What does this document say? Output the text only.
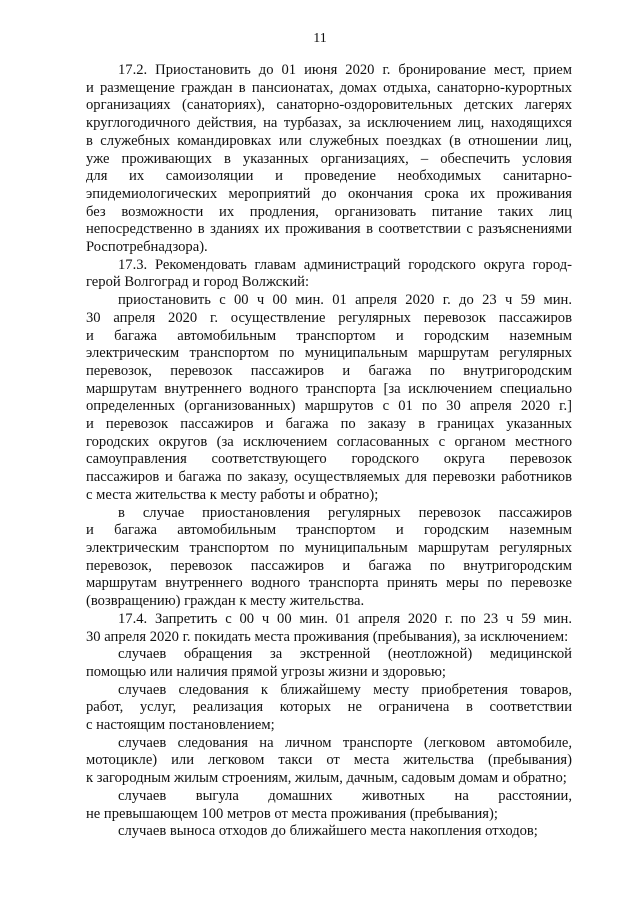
11
17.2. Приостановить до 01 июня 2020 г. бронирование мест, прием
и размещение граждан в пансионатах, домах отдыха, санаторно-курортных
организациях (санаториях), санаторно-оздоровительных детских лагерях
круглогодичного действия, на турбазах, за исключением лиц, находящихся
в служебных командировках или служебных поездках (в отношении лиц,
уже проживающих в указанных организациях, – обеспечить условия
для их самоизоляции и проведение необходимых санитарно-
эпидемиологических мероприятий до окончания срока их проживания
без возможности их продления, организовать питание таких лиц
непосредственно в зданиях их проживания в соответствии с разъяснениями
Роспотребнадзора).
17.3. Рекомендовать главам администраций городского округа город-
герой Волгоград и город Волжский:
приостановить с 00 ч 00 мин. 01 апреля 2020 г. до 23 ч 59 мин.
30 апреля 2020 г. осуществление регулярных перевозок пассажиров
и багажа автомобильным транспортом и городским наземным
электрическим транспортом по муниципальным маршрутам регулярных
перевозок, перевозок пассажиров и багажа по внутригородским
маршрутам внутреннего водного транспорта [за исключением специально
определенных (организованных) маршрутов с 01 по 30 апреля 2020 г.]
и перевозок пассажиров и багажа по заказу в границах указанных
городских округов (за исключением согласованных с органом местного
самоуправления соответствующего городского округа перевозок
пассажиров и багажа по заказу, осуществляемых для перевозки работников
с места жительства к месту работы и обратно);
в случае приостановления регулярных перевозок пассажиров
и багажа автомобильным транспортом и городским наземным
электрическим транспортом по муниципальным маршрутам регулярных
перевозок, перевозок пассажиров и багажа по внутригородским
маршрутам внутреннего водного транспорта принять меры по перевозке
(возвращению) граждан к месту жительства.
17.4. Запретить с 00 ч 00 мин. 01 апреля 2020 г. по 23 ч 59 мин.
30 апреля 2020 г. покидать места проживания (пребывания), за исключением:
случаев обращения за экстренной (неотложной) медицинской
помощью или наличия прямой угрозы жизни и здоровью;
случаев следования к ближайшему месту приобретения товаров,
работ, услуг, реализация которых не ограничена в соответствии
с настоящим постановлением;
случаев следования на личном транспорте (легковом автомобиле,
мотоцикле) или легковом такси от места жительства (пребывания)
к загородным жилым строениям, жилым, дачным, садовым домам и обратно;
случаев выгула домашних животных на расстоянии,
не превышающем 100 метров от места проживания (пребывания);
случаев выноса отходов до ближайшего места накопления отходов;
